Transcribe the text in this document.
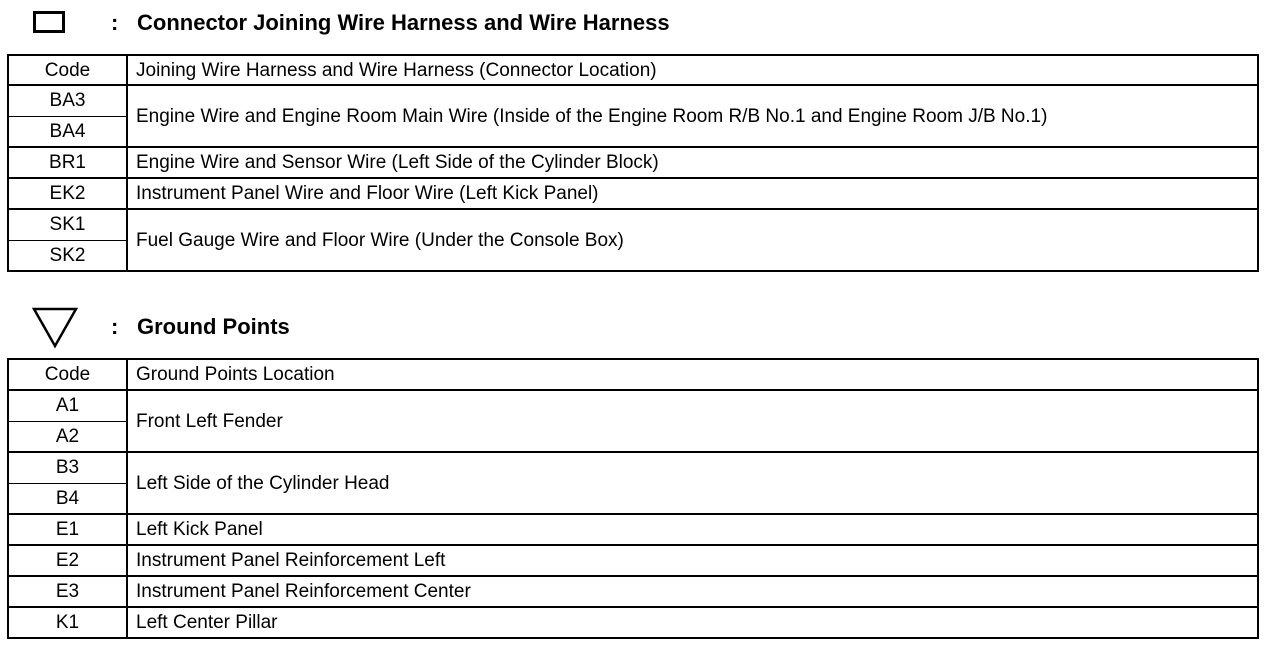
: Connector Joining Wire Harness and Wire Harness
Code	Joining Wire Harness and Wire Harness (Connector Location)
BA3	Engine Wire and Engine Room Main Wire (Inside of the Engine Room R/B No.1 and Engine Room J/B No.1)
BA4	
BR1	Engine Wire and Sensor Wire (Left Side of the Cylinder Block)
EK2	Instrument Panel Wire and Floor Wire (Left Kick Panel)
SK1	Fuel Gauge Wire and Floor Wire (Under the Console Box)
SK2	
: Ground Points
Code	Ground Points Location
A1	Front Left Fender
A2	
B3	Left Side of the Cylinder Head
B4	
E1	Left Kick Panel
E2	Instrument Panel Reinforcement Left
E3	Instrument Panel Reinforcement Center
K1	Left Center Pillar
